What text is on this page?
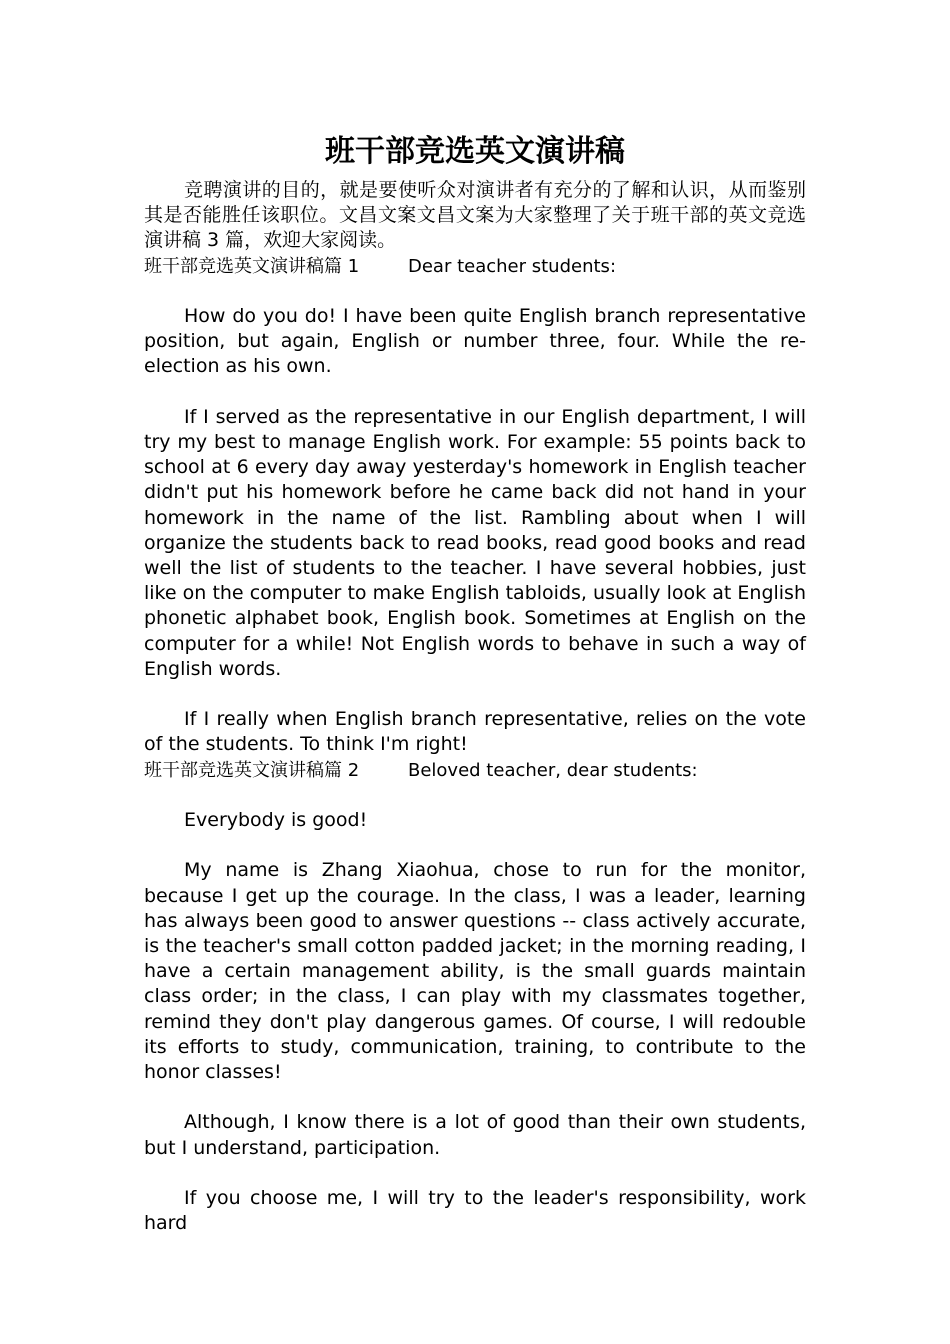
班干部竞选英文演讲稿

竞聘演讲的目的，就是要使听众对演讲者有充分的了解和认识，从而鉴别其是否能胜任该职位。文昌文案文昌文案为大家整理了关于班干部的英文竞选演讲稿 3 篇，欢迎大家阅读。

班干部竞选英文演讲稿篇 1	Dear teacher students:

How do you do! I have been quite English branch representative position, but again, English or number three, four. While the re-election as his own.

If I served as the representative in our English department, I will try my best to manage English work. For example: 55 points back to school at 6 every day away yesterday's homework in English teacher didn't put his homework before he came back did not hand in your homework in the name of the list. Rambling about when I will organize the students back to read books, read good books and read well the list of students to the teacher. I have several hobbies, just like on the computer to make English tabloids, usually look at English phonetic alphabet book, English book. Sometimes at English on the computer for a while! Not English words to behave in such a way of English words.

If I really when English branch representative, relies on the vote of the students. To think I'm right!

班干部竞选英文演讲稿篇 2	Beloved teacher, dear students:

Everybody is good!

My name is Zhang Xiaohua, chose to run for the monitor, because I get up the courage. In the class, I was a leader, learning has always been good to answer questions -- class actively accurate, is the teacher's small cotton padded jacket; in the morning reading, I have a certain management ability, is the small guards maintain class order; in the class, I can play with my classmates together, remind they don't play dangerous games. Of course, I will redouble its efforts to study, communication, training, to contribute to the honor classes!

Although, I know there is a lot of good than their own students, but I understand, participation.

If you choose me, I will try to the leader's responsibility, work hard
